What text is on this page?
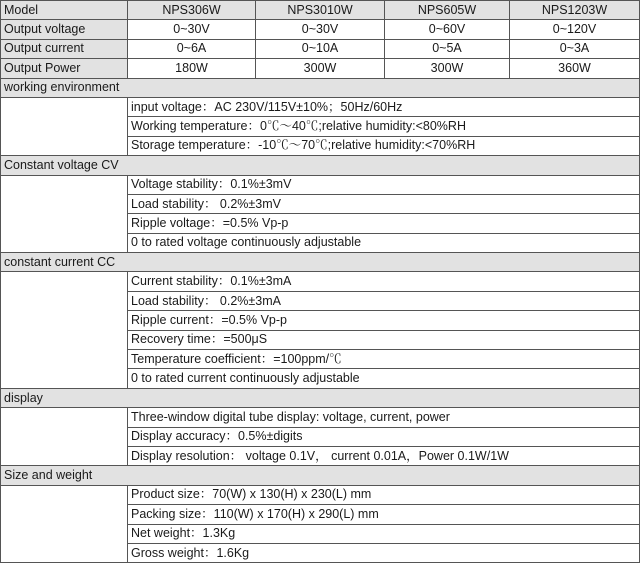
Model	NPS306W	NPS3010W	NPS605W	NPS1203W
Output voltage	0~30V	0~30V	0~60V	0~120V
Output current	0~6A	0~10A	0~5A	0~3A
Output Power	180W	300W	300W	360W
working environment				
	input voltage：AC 230V/115V±10%；50Hz/60Hz			
	Working temperature：0℃～40℃;relative humidity:<80%RH			
	Storage temperature：-10℃～70℃;relative humidity:<70%RH			
Constant voltage CV				
	Voltage stability：0.1%±3mV			
	Load stability： 0.2%±3mV			
	Ripple voltage：=0.5% Vp-p			
	0 to rated voltage continuously adjustable			
constant current CC				
	Current stability：0.1%±3mA			
	Load stability： 0.2%±3mA			
	Ripple current：=0.5% Vp-p			
	Recovery time：=500μS			
	Temperature coefficient：=100ppm/℃			
	0 to rated current continuously adjustable			
display				
	Three-window digital tube display: voltage, current, power			
	Display accuracy：0.5%±digits			
	Display resolution： voltage 0.1V， current 0.01A，Power 0.1W/1W			
Size and weight				
	Product size：70(W) x 130(H) x 230(L) mm			
	Packing size：110(W) x 170(H) x 290(L) mm			
	Net weight：1.3Kg			
	Gross weight：1.6Kg			
